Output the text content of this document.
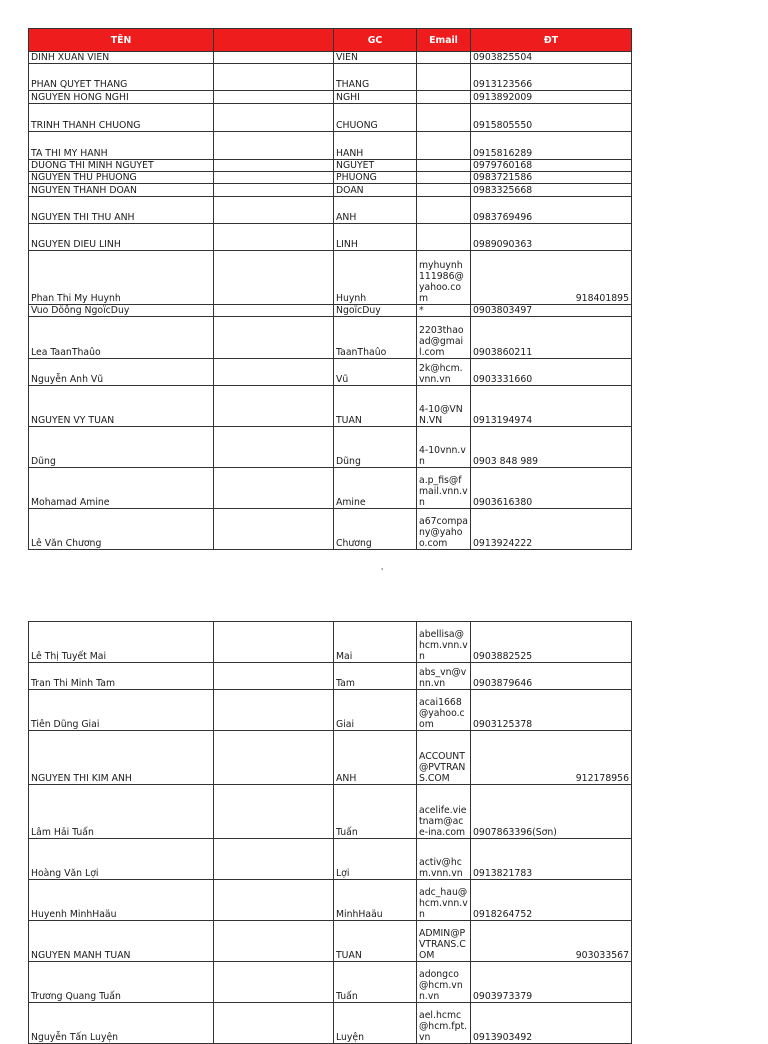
TÊN		GC	Email	ĐT
DINH XUAN VIEN		VIEN		0903825504
PHAN QUYET THANG		THANG		0913123566
NGUYEN HONG NGHI		NGHI		0913892009
TRINH THANH CHUONG		CHUONG		0915805550
TA THI MY HANH		HANH		0915816289
DUONG THI MINH NGUYET		NGUYET		0979760168
NGUYEN THU PHUONG		PHUONG		0983721586
NGUYEN THANH DOAN		DOAN		0983325668
NGUYEN THI THU ANH		ANH		0983769496
NGUYEN DIEU LINH		LINH		0989090363
Phan Thi My Huynh		Huynh	myhuynh111986@yahoo.com	918401895
Vuo Döông NgoïcDuy		NgoïcDuy	*	0903803497
Lea TaanThaûo		TaanThaûo	2203thaoad@gmail.com	0903860211
Nguyễn Anh Vũ		Vũ	2k@hcm.vnn.vn	0903331660
NGUYEN VY TUAN		TUAN	4-10@VNN.VN	0913194974
Dũng		Dũng	4-10vnn.vn	0903 848 989
Mohamad Amine		Amine	a.p_fis@fmail.vnn.vn	0903616380
Lê Văn Chương		Chương	a67company@yahoo.com	0913924222
'
Lê Thị Tuyết Mai		Mai	abellisa@hcm.vnn.vn	0903882525
Tran Thi Minh Tam		Tam	abs_vn@vnn.vn	0903879646
Tiên Dũng Giai		Giai	acai1668@yahoo.com	0903125378
NGUYEN THI KIM ANH		ANH	ACCOUNT@PVTRANS.COM	912178956
Lâm Hải Tuấn		Tuấn	acelife.vietnam@ace-ina.com	0907863396(Sơn)
Hoàng Văn Lợi		Lợi	activ@hcm.vnn.vn	0913821783
Huyenh MinhHaäu		MinhHaäu	adc_hau@hcm.vnn.vn	0918264752
NGUYEN MANH TUAN		TUAN	ADMIN@PVTRANS.COM	903033567
Trương Quang Tuấn		Tuấn	adongco@hcm.vnn.vn	0903973379
Nguyễn Tấn Luyện		Luyện	ael.hcmc@hcm.fpt.vn	0913903492
